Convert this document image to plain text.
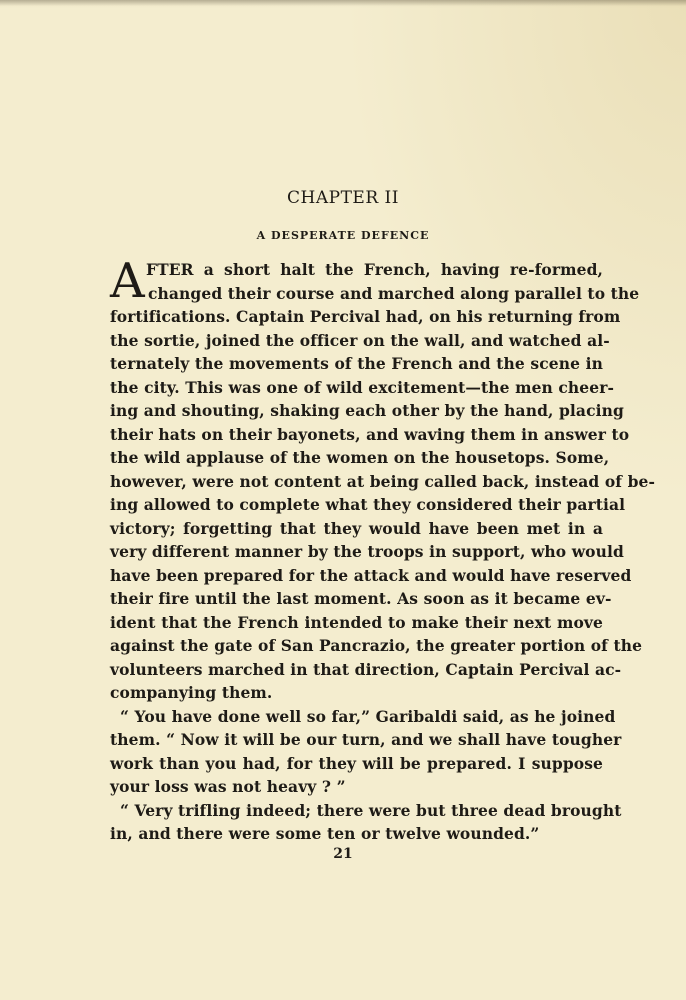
CHAPTER II
A DESPERATE DEFENCE
A FTER a short halt the French, having re-formed,
changed their course and marched along parallel to the
fortifications. Captain Percival had, on his returning from
the sortie, joined the officer on the wall, and watched al-
ternately the movements of the French and the scene in
the city. This was one of wild excitement—the men cheer-
ing and shouting, shaking each other by the hand, placing
their hats on their bayonets, and waving them in answer to
the wild applause of the women on the housetops. Some,
however, were not content at being called back, instead of be-
ing allowed to complete what they considered their partial
victory; forgetting that they would have been met in a
very different manner by the troops in support, who would
have been prepared for the attack and would have reserved
their fire until the last moment. As soon as it became ev-
ident that the French intended to make their next move
against the gate of San Pancrazio, the greater portion of the
volunteers marched in that direction, Captain Percival ac-
companying them.
“ You have done well so far,” Garibaldi said, as he joined
them. “ Now it will be our turn, and we shall have tougher
work than you had, for they will be prepared. I suppose
your loss was not heavy ? ”
“ Very trifling indeed; there were but three dead brought
in, and there were some ten or twelve wounded.”
21
